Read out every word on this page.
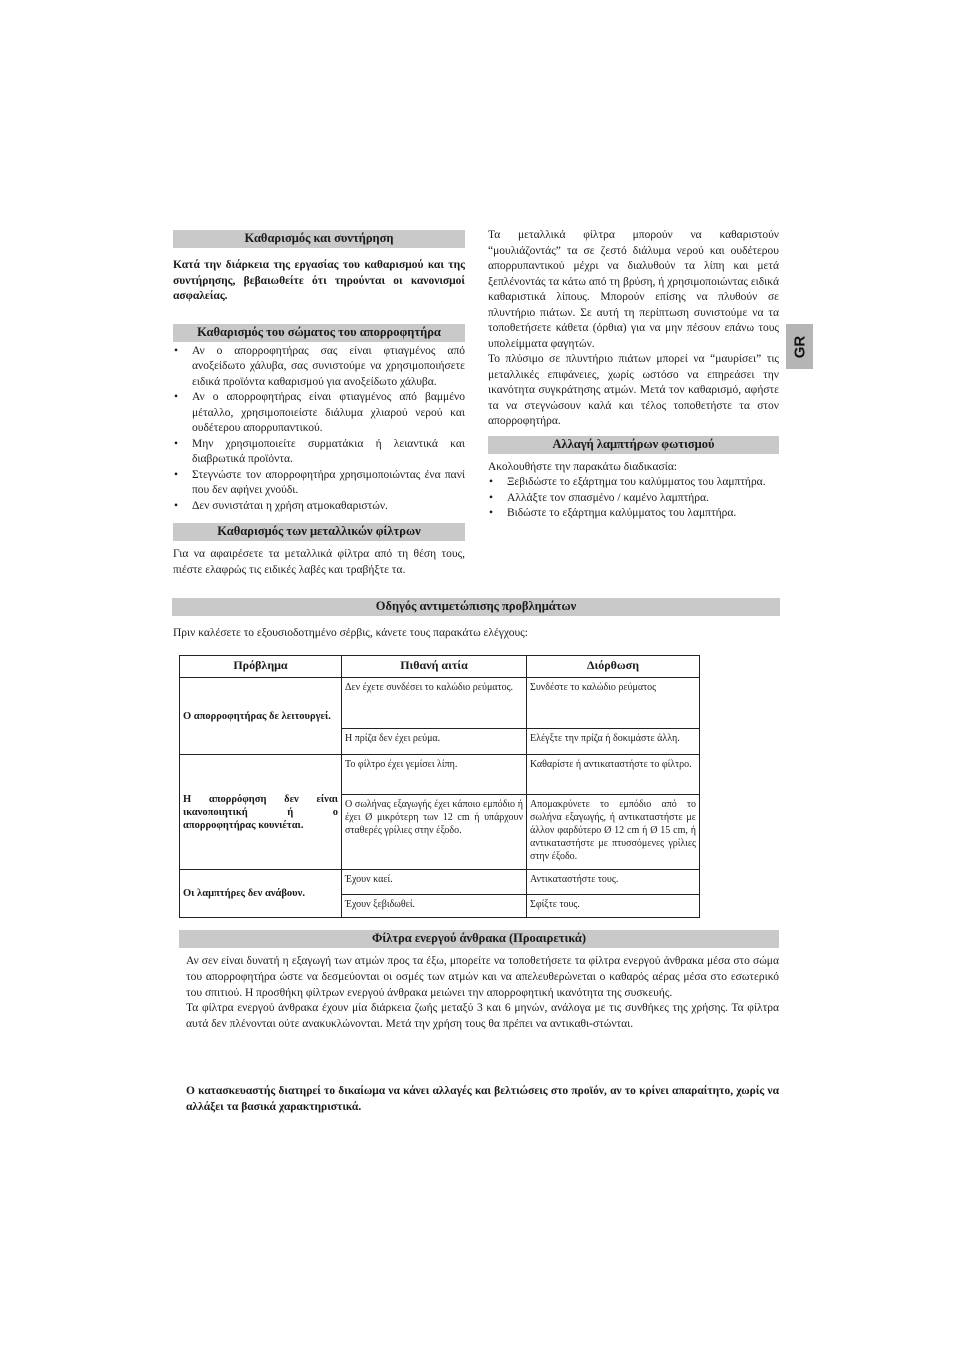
GR
Καθαρισμός και συντήρηση
Κατά την διάρκεια της εργασίας του καθαρισμού και της συντήρησης, βεβαιωθείτε ότι τηρούνται οι κανονισμοί ασφαλείας.
Καθαρισμός του σώματος του απορροφητήρα
• Αν ο απορροφητήρας σας είναι φτιαγμένος από ανοξείδωτο χάλυβα, σας συνιστούμε να χρησιμοποιήσετε ειδικά προϊόντα καθαρισμού για ανοξείδωτο χάλυβα.
• Αν ο απορροφητήρας είναι φτιαγμένος από βαμμένο μέταλλο, χρησιμοποιείστε διάλυμα χλιαρού νερού και ουδέτερου απορρυπαντικού.
• Μην χρησιμοποιείτε συρματάκια ή λειαντικά και διαβρωτικά προϊόντα.
• Στεγνώστε τον απορροφητήρα χρησιμοποιώντας ένα πανί που δεν αφήνει χνούδι.
• Δεν συνιστάται η χρήση ατμοκαθαριστών.
Καθαρισμός των μεταλλικών φίλτρων
Για να αφαιρέσετε τα μεταλλικά φίλτρα από τη θέση τους, πιέστε ελαφρώς τις ειδικές λαβές και τραβήξτε τα.
Τα μεταλλικά φίλτρα μπορούν να καθαριστούν “μουλιάζοντάς” τα σε ζεστό διάλυμα νερού και ουδέτερου απορρυπαντικού μέχρι να διαλυθούν τα λίπη και μετά ξεπλένοντάς τα κάτω από τη βρύση, ή χρησιμοποιώντας ειδικά καθαριστικά λίπους. Μπορούν επίσης να πλυθούν σε πλυντήριο πιάτων. Σε αυτή τη περίπτωση συνιστούμε να τα τοποθετήσετε κάθετα (όρθια) για να μην πέσουν επάνω τους υπολείμματα φαγητών.
Το πλύσιμο σε πλυντήριο πιάτων μπορεί να “μαυρίσει” τις μεταλλικές επιφάνειες, χωρίς ωστόσο να επηρεάσει την ικανότητα συγκράτησης ατμών. Μετά τον καθαρισμό, αφήστε τα να στεγνώσουν καλά και τέλος τοποθετήστε τα στον απορροφητήρα.
Αλλαγή λαμπτήρων φωτισμού
Ακολουθήστε την παρακάτω διαδικασία:
• Ξεβιδώστε το εξάρτημα του καλύμματος του λαμπτήρα.
• Αλλάξτε τον σπασμένο / καμένο λαμπτήρα.
• Βιδώστε το εξάρτημα καλύμματος του λαμπτήρα.
Οδηγός αντιμετώπισης προβλημάτων
Πριν καλέσετε το εξουσιοδοτημένο σέρβις, κάνετε τους παρακάτω ελέγχους:
Πρόβλημα	Πιθανή αιτία	Διόρθωση
Ο απορροφητήρας δε λειτουργεί.	Δεν έχετε συνδέσει το καλώδιο ρεύματος.	Συνδέστε το καλώδιο ρεύματος
	Η πρίζα δεν έχει ρεύμα.	Ελέγξτε την πρίζα ή δοκιμάστε άλλη.
Η απορρόφηση δεν είναι ικανοποιητική ή ο απορροφητήρας κουνιέται.	Το φίλτρο έχει γεμίσει λίπη.	Καθαρίστε ή αντικαταστήστε το φίλτρο.
	Ο σωλήνας εξαγωγής έχει κάποιο εμπόδιο ή έχει Ø μικρότερη των 12 cm ή υπάρχουν σταθερές γρίλιες στην έξοδο.	Απομακρύνετε το εμπόδιο από το σωλήνα εξαγωγής, ή αντικαταστήστε με άλλον φαρδύτερο Ø 12 cm ή Ø 15 cm, ή αντικαταστήστε με πτυσσόμενες γρίλιες στην έξοδο.
Οι λαμπτήρες δεν ανάβουν.	Έχουν καεί.	Αντικαταστήστε τους.
	Έχουν ξεβιδωθεί.	Σφίξτε τους.
Φίλτρα ενεργού άνθρακα (Προαιρετικά)
Αν σεν είναι δυνατή η εξαγωγή των ατμών προς τα έξω, μπορείτε να τοποθετήσετε τα φίλτρα ενεργού άνθρακα μέσα στο σώμα του απορροφητήρα ώστε να δεσμεύονται οι οσμές των ατμών και να απελευθερώνεται ο καθαρός αέρας μέσα στο εσωτερικό του σπιτιού. Η προσθήκη φίλτρων ενεργού άνθρακα μειώνει την απορροφητική ικανότητα της συσκευής.
Τα φίλτρα ενεργού άνθρακα έχουν μία διάρκεια ζωής μεταξύ 3 και 6 μηνών, ανάλογα με τις συνθήκες της χρήσης. Τα φίλτρα αυτά δεν πλένονται ούτε ανακυκλώνονται. Μετά την χρήση τους θα πρέπει να αντικαθι-στώνται.
Ο κατασκευαστής διατηρεί το δικαίωμα να κάνει αλλαγές και βελτιώσεις στο προϊόν, αν το κρίνει απαραίτητο, χωρίς να αλλάξει τα βασικά χαρακτηριστικά.
